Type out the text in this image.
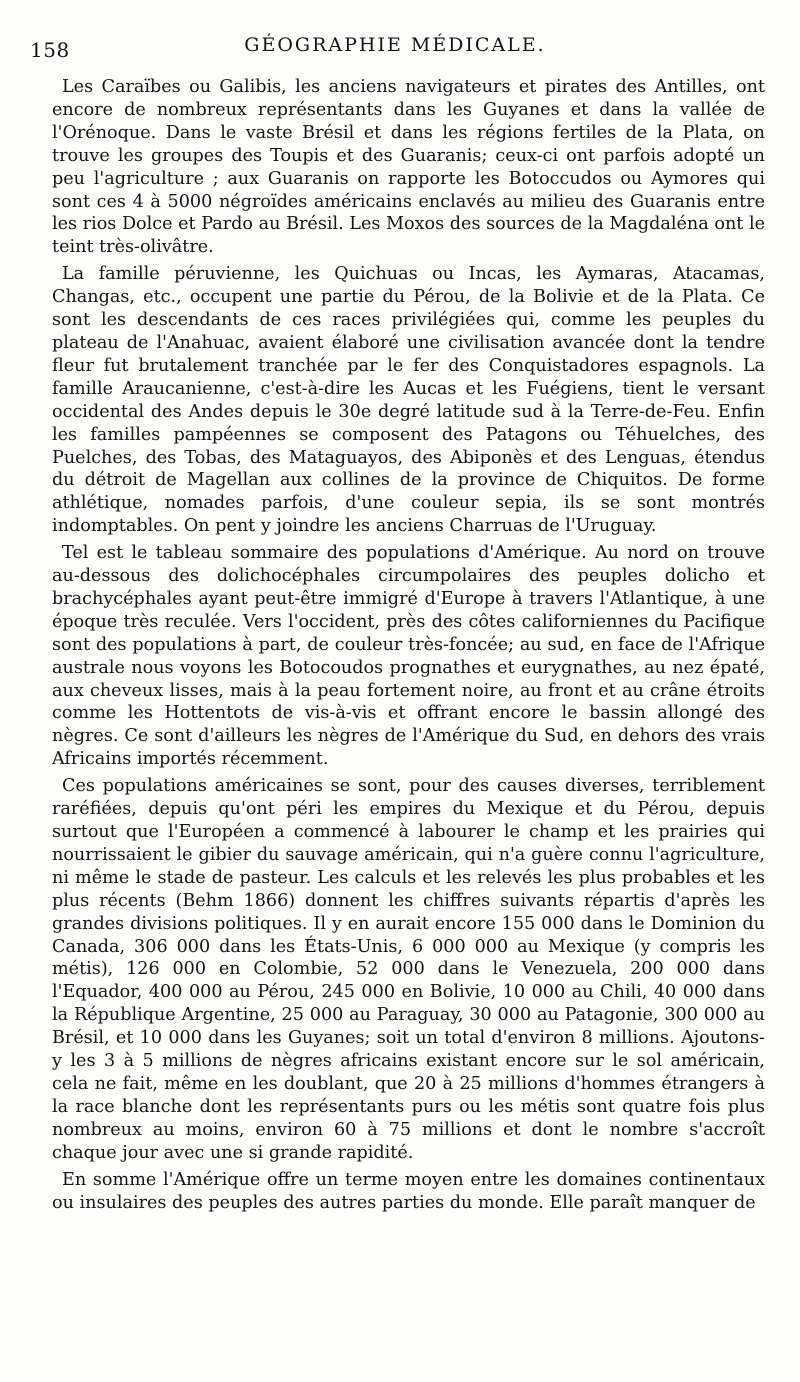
158	GÉOGRAPHIE MÉDICALE.

Les Caraïbes ou Galibis, les anciens navigateurs et pirates des Antilles, ont encore de nombreux représentants dans les Guyanes et dans la vallée de l'Orénoque. Dans le vaste Brésil et dans les régions fertiles de la Plata, on trouve les groupes des Toupis et des Guaranis; ceux-ci ont parfois adopté un peu l'agriculture ; aux Guaranis on rapporte les Botoccudos ou Aymores qui sont ces 4 à 5000 négroïdes américains enclavés au milieu des Guaranis entre les rios Dolce et Pardo au Brésil. Les Moxos des sources de la Magdaléna ont le teint très-olivâtre.

La famille péruvienne, les Quichuas ou Incas, les Aymaras, Atacamas, Changas, etc., occupent une partie du Pérou, de la Bolivie et de la Plata. Ce sont les descendants de ces races privilégiées qui, comme les peuples du plateau de l'Anahuac, avaient élaboré une civilisation avancée dont la tendre fleur fut brutalement tranchée par le fer des Conquistadores espagnols. La famille Araucanienne, c'est-à-dire les Aucas et les Fuégiens, tient le versant occidental des Andes depuis le 30e degré latitude sud à la Terre-de-Feu. Enfin les familles pampéennes se composent des Patagons ou Téhuelches, des Puelches, des Tobas, des Mataguayos, des Abiponès et des Lenguas, étendus du détroit de Magellan aux collines de la province de Chiquitos. De forme athlétique, nomades parfois, d'une couleur sepia, ils se sont montrés indomptables. On pent y joindre les anciens Charruas de l'Uruguay.

Tel est le tableau sommaire des populations d'Amérique. Au nord on trouve au-dessous des dolichocéphales circumpolaires des peuples dolicho et brachycéphales ayant peut-être immigré d'Europe à travers l'Atlantique, à une époque très reculée. Vers l'occident, près des côtes californiennes du Pacifique sont des populations à part, de couleur très-foncée; au sud, en face de l'Afrique australe nous voyons les Botocoudos prognathes et eurygnathes, au nez épaté, aux cheveux lisses, mais à la peau fortement noire, au front et au crâne étroits comme les Hottentots de vis-à-vis et offrant encore le bassin allongé des nègres. Ce sont d'ailleurs les nègres de l'Amérique du Sud, en dehors des vrais Africains importés récemment.

Ces populations américaines se sont, pour des causes diverses, terriblement raréfiées, depuis qu'ont péri les empires du Mexique et du Pérou, depuis surtout que l'Européen a commencé à labourer le champ et les prairies qui nourrissaient le gibier du sauvage américain, qui n'a guère connu l'agriculture, ni même le stade de pasteur. Les calculs et les relevés les plus probables et les plus récents (Behm 1866) donnent les chiffres suivants répartis d'après les grandes divisions politiques. Il y en aurait encore 155 000 dans le Dominion du Canada, 306 000 dans les États-Unis, 6 000 000 au Mexique (y compris les métis), 126 000 en Colombie, 52 000 dans le Venezuela, 200 000 dans l'Equador, 400 000 au Pérou, 245 000 en Bolivie, 10 000 au Chili, 40 000 dans la République Argentine, 25 000 au Paraguay, 30 000 au Patagonie, 300 000 au Brésil, et 10 000 dans les Guyanes; soit un total d'environ 8 millions. Ajoutons-y les 3 à 5 millions de nègres africains existant encore sur le sol américain, cela ne fait, même en les doublant, que 20 à 25 millions d'hommes étrangers à la race blanche dont les représentants purs ou les métis sont quatre fois plus nombreux au moins, environ 60 à 75 millions et dont le nombre s'accroît chaque jour avec une si grande rapidité.

En somme l'Amérique offre un terme moyen entre les domaines continentaux ou insulaires des peuples des autres parties du monde. Elle paraît manquer de
